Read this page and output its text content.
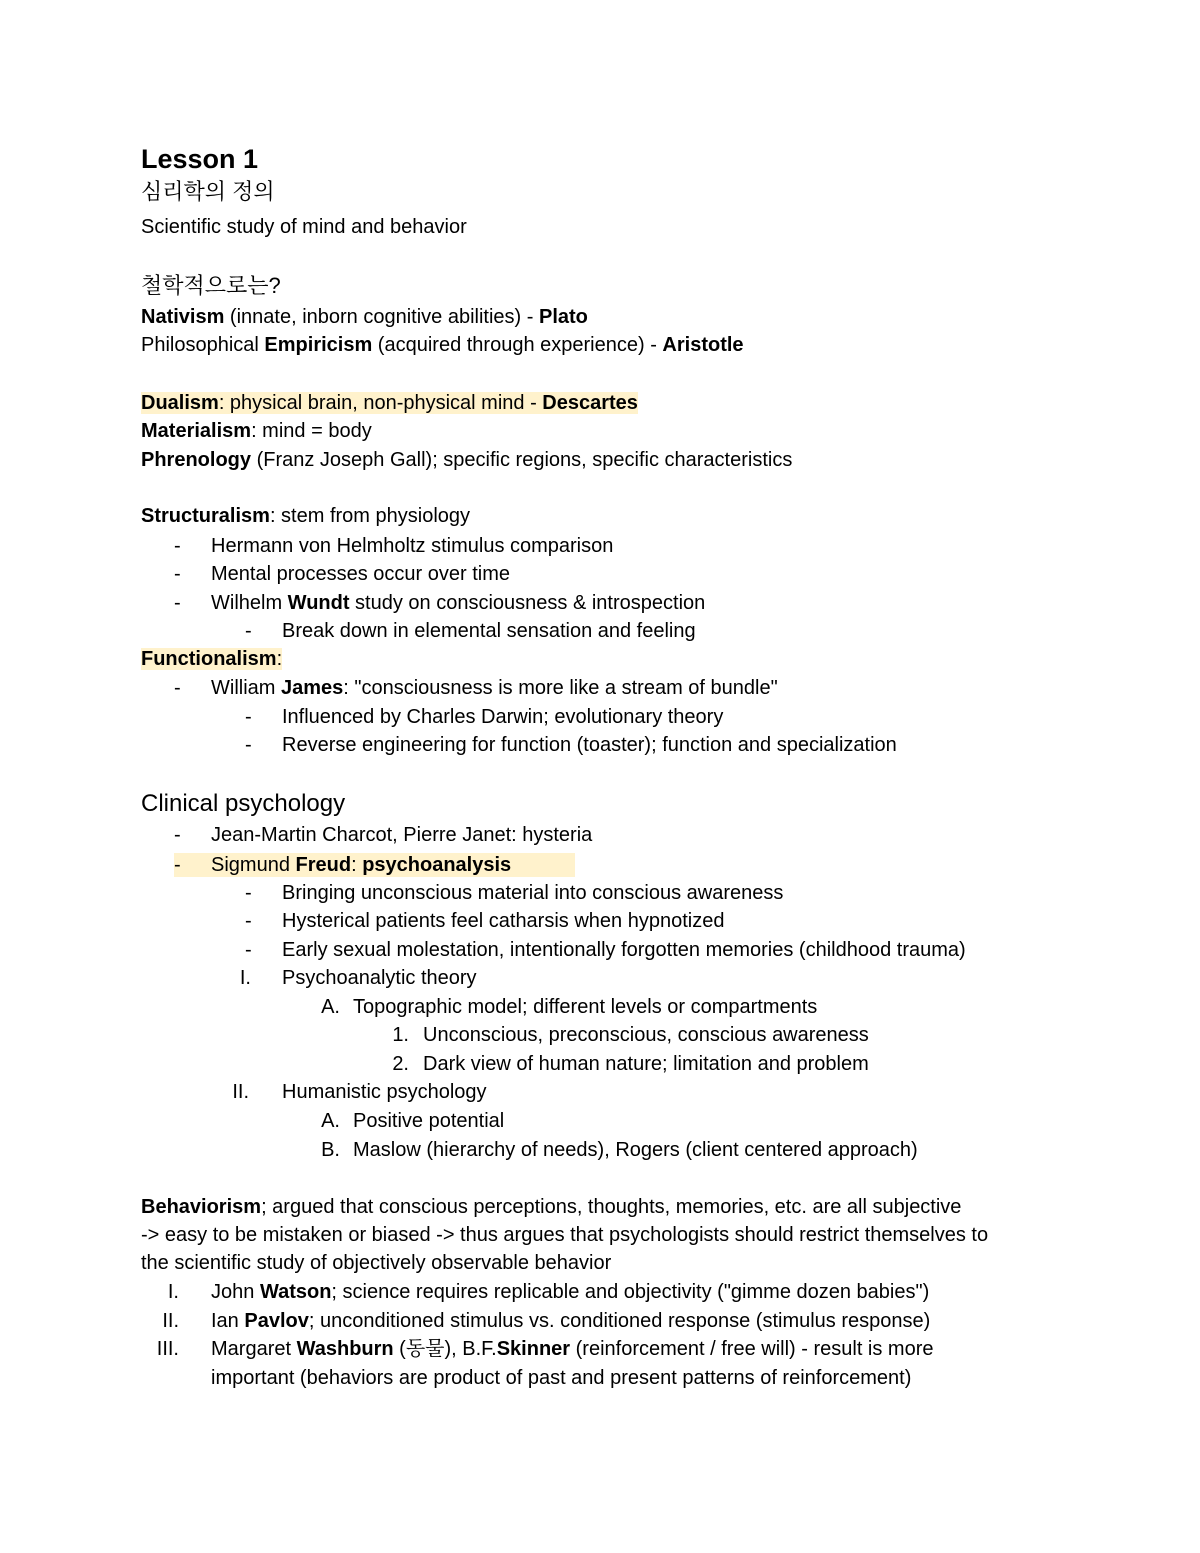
Lesson 1
심리학의 정의
Scientific study of mind and behavior
철학적으로는?
Nativism (innate, inborn cognitive abilities) - Plato
Philosophical Empiricism (acquired through experience) - Aristotle
Dualism: physical brain, non-physical mind - Descartes
Materialism: mind = body
Phrenology (Franz Joseph Gall); specific regions, specific characteristics
Structuralism: stem from physiology
- Hermann von Helmholtz stimulus comparison
- Mental processes occur over time
- Wilhelm Wundt study on consciousness & introspection
- Break down in elemental sensation and feeling
Functionalism:
- William James: "consciousness is more like a stream of bundle"
- Influenced by Charles Darwin; evolutionary theory
- Reverse engineering for function (toaster); function and specialization
Clinical psychology
- Jean-Martin Charcot, Pierre Janet: hysteria
- Sigmund Freud: psychoanalysis
- Bringing unconscious material into conscious awareness
- Hysterical patients feel catharsis when hypnotized
- Early sexual molestation, intentionally forgotten memories (childhood trauma)
I. Psychoanalytic theory
A. Topographic model; different levels or compartments
1. Unconscious, preconscious, conscious awareness
2. Dark view of human nature; limitation and problem
II. Humanistic psychology
A. Positive potential
B. Maslow (hierarchy of needs), Rogers (client centered approach)
Behaviorism; argued that conscious perceptions, thoughts, memories, etc. are all subjective
-> easy to be mistaken or biased -> thus argues that psychologists should restrict themselves to
the scientific study of objectively observable behavior
I. John Watson; science requires replicable and objectivity ("gimme dozen babies")
II. Ian Pavlov; unconditioned stimulus vs. conditioned response (stimulus response)
III. Margaret Washburn (동물), B.F.Skinner (reinforcement / free will) - result is more
important (behaviors are product of past and present patterns of reinforcement)
